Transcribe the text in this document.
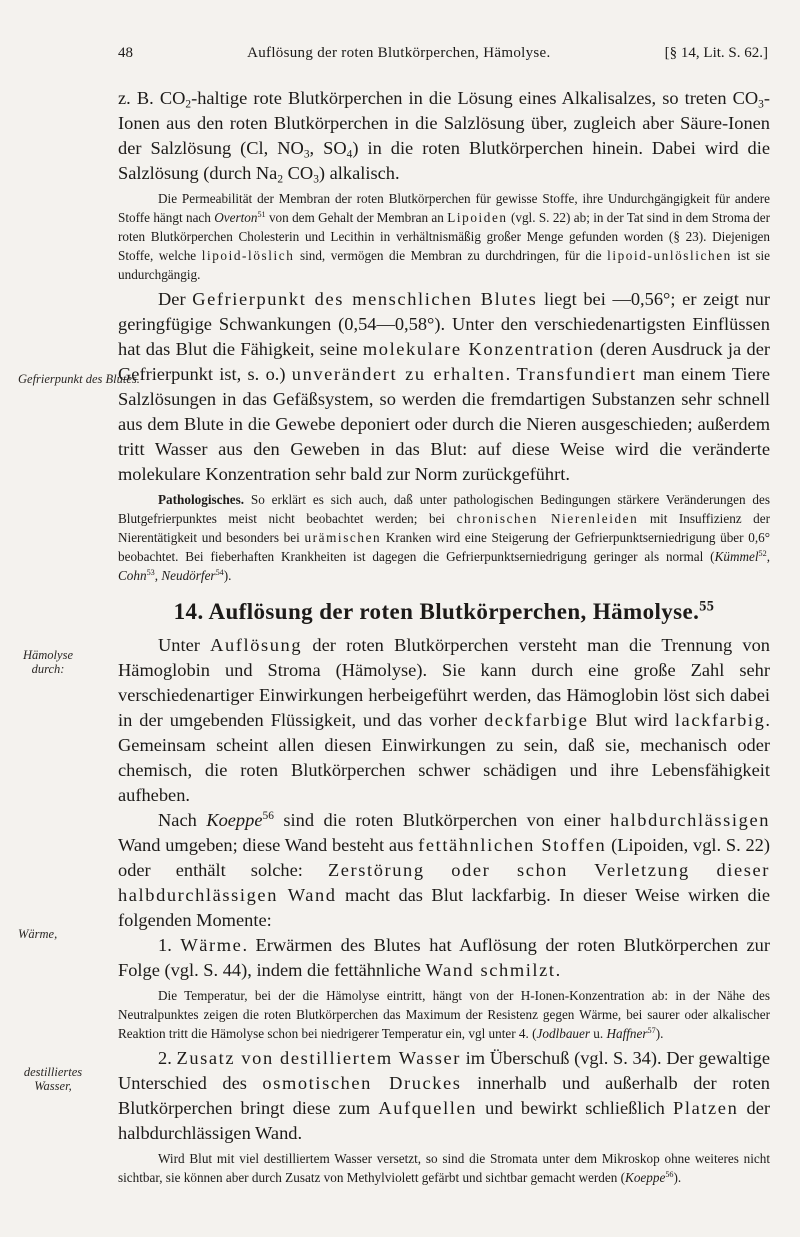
48	Auflösung der roten Blutkörperchen, Hämolyse.	[§ 14, Lit. S. 62.]
Gefrierpunkt des Blutes.
Hämolyse durch:
Wärme,
destilliertes Wasser,

z. B. $CO_2$-haltige rote Blutkörperchen in die Lösung eines Alkalisalzes, so treten $CO_3$-Ionen aus den roten Blutkörperchen in die Salzlösung über, zugleich aber Säure-Ionen der Salzlösung (Cl, $NO_3$, $SO_4$) in die roten Blutkörperchen hinein. Dabei wird die Salzlösung (durch $Na_2$ $CO_3$) alkalisch.

Die Permeabilität der Membran der roten Blutkörperchen für gewisse Stoffe, ihre Undurchgängigkeit für andere Stoffe hängt nach Overton$^{51}$ von dem Gehalt der Membran an Lipoiden (vgl. S. 22) ab; in der Tat sind in dem Stroma der roten Blutkörperchen Cholesterin und Lecithin in verhältnismäßig großer Menge gefunden worden (§ 23). Diejenigen Stoffe, welche lipoid-löslich sind, vermögen die Membran zu durchdringen, für die lipoid-unlöslichen ist sie undurchgängig.

Der Gefrierpunkt des menschlichen Blutes liegt bei —0,56°; er zeigt nur geringfügige Schwankungen (0,54—0,58°). Unter den verschiedenartigsten Einflüssen hat das Blut die Fähigkeit, seine molekulare Konzentration (deren Ausdruck ja der Gefrierpunkt ist, s. o.) unverändert zu erhalten. Transfundiert man einem Tiere Salzlösungen in das Gefäßsystem, so werden die fremdartigen Substanzen sehr schnell aus dem Blute in die Gewebe deponiert oder durch die Nieren ausgeschieden; außerdem tritt Wasser aus den Geweben in das Blut: auf diese Weise wird die veränderte molekulare Konzentration sehr bald zur Norm zurückgeführt.

Pathologisches. So erklärt es sich auch, daß unter pathologischen Bedingungen stärkere Veränderungen des Blutgefrierpunktes meist nicht beobachtet werden; bei chronischen Nierenleiden mit Insuffizienz der Nierentätigkeit und besonders bei urämischen Kranken wird eine Steigerung der Gefrierpunktserniedrigung über 0,6° beobachtet. Bei fieberhaften Krankheiten ist dagegen die Gefrierpunktserniedrigung geringer als normal (Kümmel$^{52}$, Cohn$^{53}$, Neudörfer$^{54}$).

14. Auflösung der roten Blutkörperchen, Hämolyse.$^{55}$

Unter Auflösung der roten Blutkörperchen versteht man die Trennung von Hämoglobin und Stroma (Hämolyse). Sie kann durch eine große Zahl sehr verschiedenartiger Einwirkungen herbeigeführt werden, das Hämoglobin löst sich dabei in der umgebenden Flüssigkeit, und das vorher deckfarbige Blut wird lackfarbig. Gemeinsam scheint allen diesen Einwirkungen zu sein, daß sie, mechanisch oder chemisch, die roten Blutkörperchen schwer schädigen und ihre Lebensfähigkeit aufheben.

Nach Koeppe$^{56}$ sind die roten Blutkörperchen von einer halbdurchlässigen Wand umgeben; diese Wand besteht aus fettähnlichen Stoffen (Lipoiden, vgl. S. 22) oder enthält solche: Zerstörung oder schon Verletzung dieser halbdurchlässigen Wand macht das Blut lackfarbig. In dieser Weise wirken die folgenden Momente:

1. Wärme. Erwärmen des Blutes hat Auflösung der roten Blutkörperchen zur Folge (vgl. S. 44), indem die fettähnliche Wand schmilzt.

Die Temperatur, bei der die Hämolyse eintritt, hängt von der H-Ionen-Konzentration ab: in der Nähe des Neutralpunktes zeigen die roten Blutkörperchen das Maximum der Resistenz gegen Wärme, bei saurer oder alkalischer Reaktion tritt die Hämolyse schon bei niedrigerer Temperatur ein, vgl unter 4. (Jodlbauer u. Haffner$^{57}$).

2. Zusatz von destilliertem Wasser im Überschuß (vgl. S. 34). Der gewaltige Unterschied des osmotischen Druckes innerhalb und außerhalb der roten Blutkörperchen bringt diese zum Aufquellen und bewirkt schließlich Platzen der halbdurchlässigen Wand.

Wird Blut mit viel destilliertem Wasser versetzt, so sind die Stromata unter dem Mikroskop ohne weiteres nicht sichtbar, sie können aber durch Zusatz von Methylviolett gefärbt und sichtbar gemacht werden (Koeppe$^{56}$).
